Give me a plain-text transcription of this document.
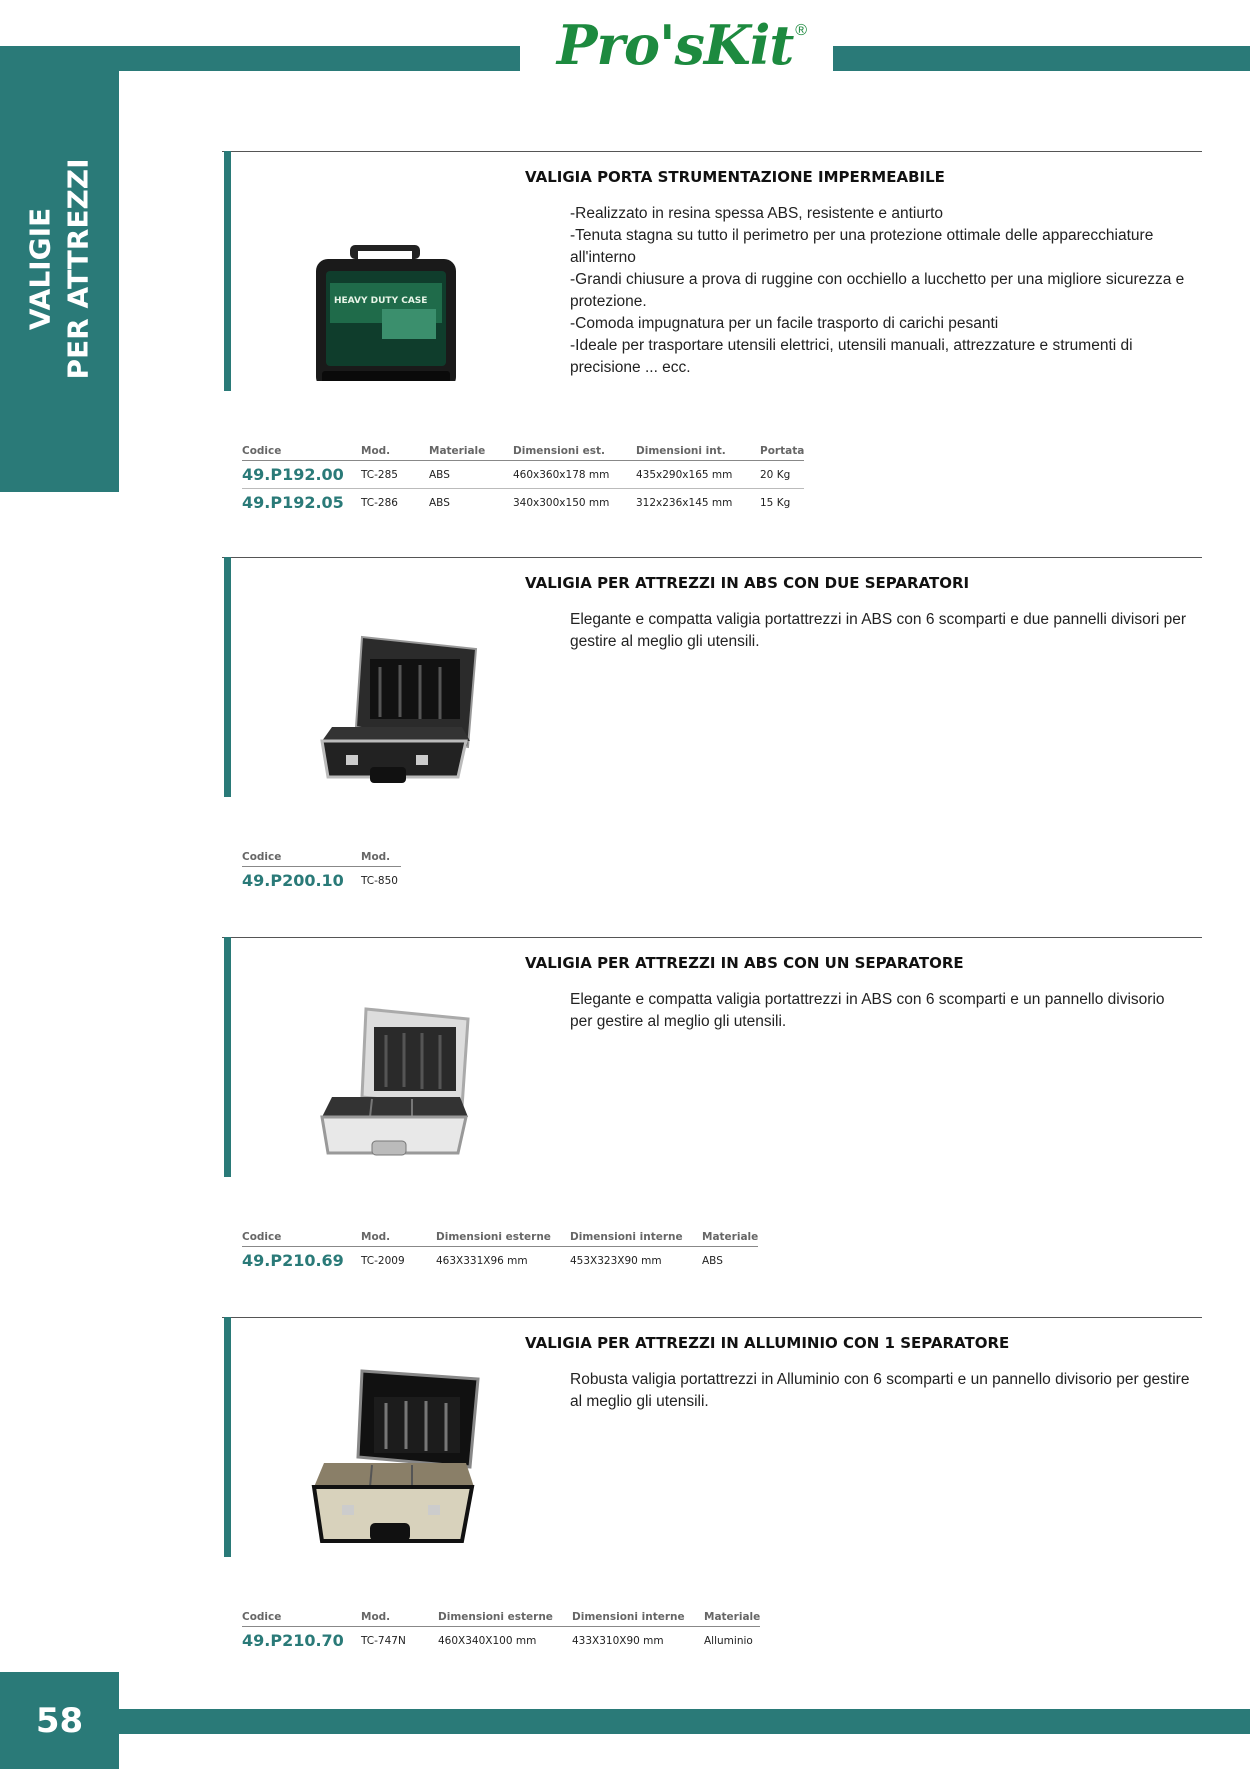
Pro'sKit ®
VALIGIE PER ATTREZZI
58
HEAVY DUTY CASE
VALIGIA PORTA STRUMENTAZIONE IMPERMEABILE
-Realizzato in resina spessa ABS, resistente e antiurto
-Tenuta stagna su tutto il perimetro per una protezione ottimale delle apparecchiature all'interno
-Grandi chiusure a prova di ruggine con occhiello a lucchetto per una migliore sicurezza e protezione.
-Comoda impugnatura per un facile trasporto di carichi pesanti
-Ideale per trasportare utensili elettrici, utensili manuali, attrezzature e strumenti di precisione ... ecc.
Codice	Mod.	Materiale	Dimensioni est.	Dimensioni int.	Portata
49.P192.00	TC-285	ABS	460x360x178 mm	435x290x165 mm	20 Kg
49.P192.05	TC-286	ABS	340x300x150 mm	312x236x145 mm	15 Kg
VALIGIA PER ATTREZZI IN ABS CON DUE SEPARATORI
Elegante e compatta valigia portattrezzi in ABS con 6 scomparti e due pannelli divisori per gestire al meglio gli utensili.
Codice	Mod.
49.P200.10	TC-850
VALIGIA PER ATTREZZI IN ABS CON UN SEPARATORE
Elegante e compatta valigia portattrezzi in ABS con 6 scomparti e un pannello divisorio per gestire al meglio gli utensili.
Codice	Mod.	Dimensioni esterne	Dimensioni interne	Materiale
49.P210.69	TC-2009	463X331X96 mm	453X323X90 mm	ABS
VALIGIA PER ATTREZZI IN ALLUMINIO CON 1 SEPARATORE
Robusta valigia portattrezzi in Alluminio con 6 scomparti e un pannello divisorio per gestire al meglio gli utensili.
Codice	Mod.	Dimensioni esterne	Dimensioni interne	Materiale
49.P210.70	TC-747N	460X340X100 mm	433X310X90 mm	Alluminio
